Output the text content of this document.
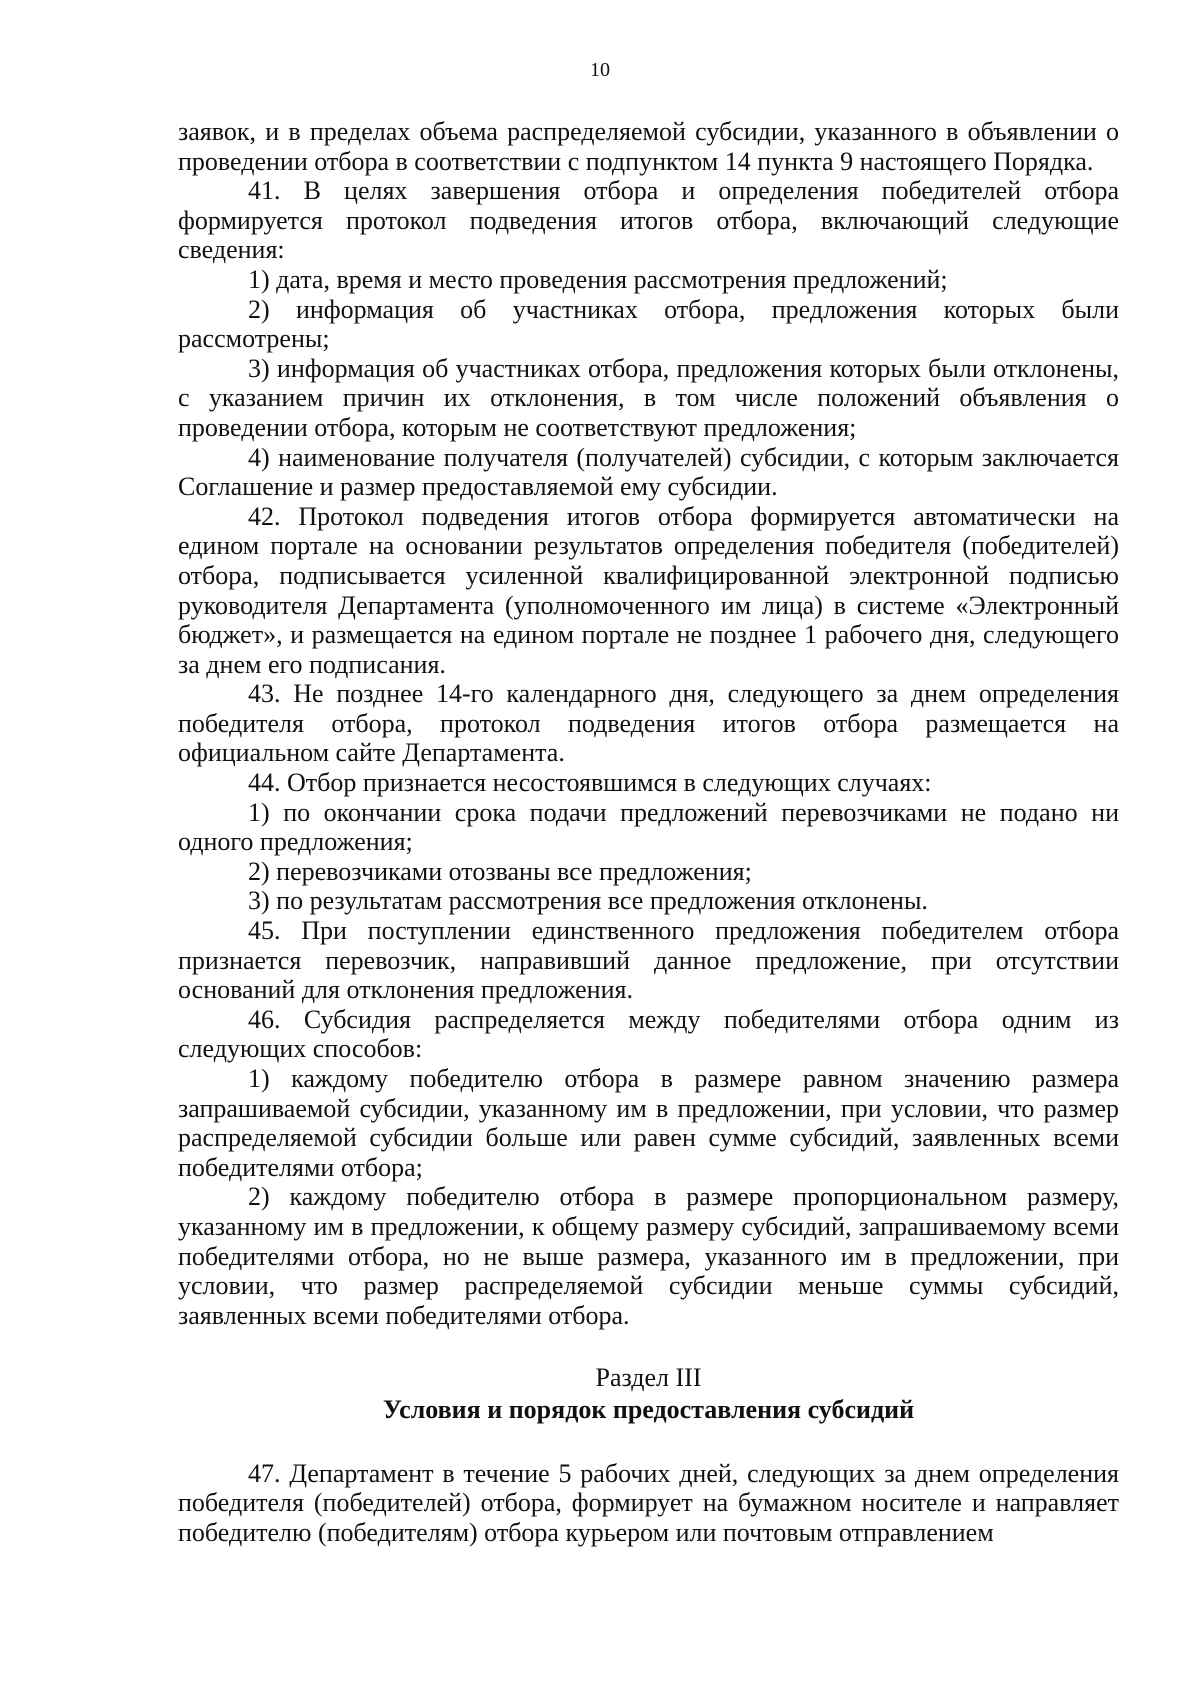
10

заявок, и в пределах объема распределяемой субсидии, указанного в объявлении о проведении отбора в соответствии с подпунктом 14 пункта 9 настоящего Порядка.

41. В целях завершения отбора и определения победителей отбора формируется протокол подведения итогов отбора, включающий следующие сведения:

1) дата, время и место проведения рассмотрения предложений;

2) информация об участниках отбора, предложения которых были рассмотрены;

3) информация об участниках отбора, предложения которых были отклонены, с указанием причин их отклонения, в том числе положений объявления о проведении отбора, которым не соответствуют предложения;

4) наименование получателя (получателей) субсидии, с которым заключается Соглашение и размер предоставляемой ему субсидии.

42. Протокол подведения итогов отбора формируется автоматически на едином портале на основании результатов определения победителя (победителей) отбора, подписывается усиленной квалифицированной электронной подписью руководителя Департамента (уполномоченного им лица) в системе «Электронный бюджет», и размещается на едином портале не позднее 1 рабочего дня, следующего за днем его подписания.

43. Не позднее 14-го календарного дня, следующего за днем определения победителя отбора, протокол подведения итогов отбора размещается на официальном сайте Департамента.

44. Отбор признается несостоявшимся в следующих случаях:

1) по окончании срока подачи предложений перевозчиками не подано ни одного предложения;

2) перевозчиками отозваны все предложения;

3) по результатам рассмотрения все предложения отклонены.

45. При поступлении единственного предложения победителем отбора признается перевозчик, направивший данное предложение, при отсутствии оснований для отклонения предложения.

46. Субсидия распределяется между победителями отбора одним из следующих способов:

1) каждому победителю отбора в размере равном значению размера запрашиваемой субсидии, указанному им в предложении, при условии, что размер распределяемой субсидии больше или равен сумме субсидий, заявленных всеми победителями отбора;

2) каждому победителю отбора в размере пропорциональном размеру, указанному им в предложении, к общему размеру субсидий, запрашиваемому всеми победителями отбора, но не выше размера, указанного им в предложении, при условии, что размер распределяемой субсидии меньше суммы субсидий, заявленных всеми победителями отбора.

Раздел III

Условия и порядок предоставления субсидий

47. Департамент в течение 5 рабочих дней, следующих за днем определения победителя (победителей) отбора, формирует на бумажном носителе и направляет победителю (победителям) отбора курьером или почтовым отправлением
